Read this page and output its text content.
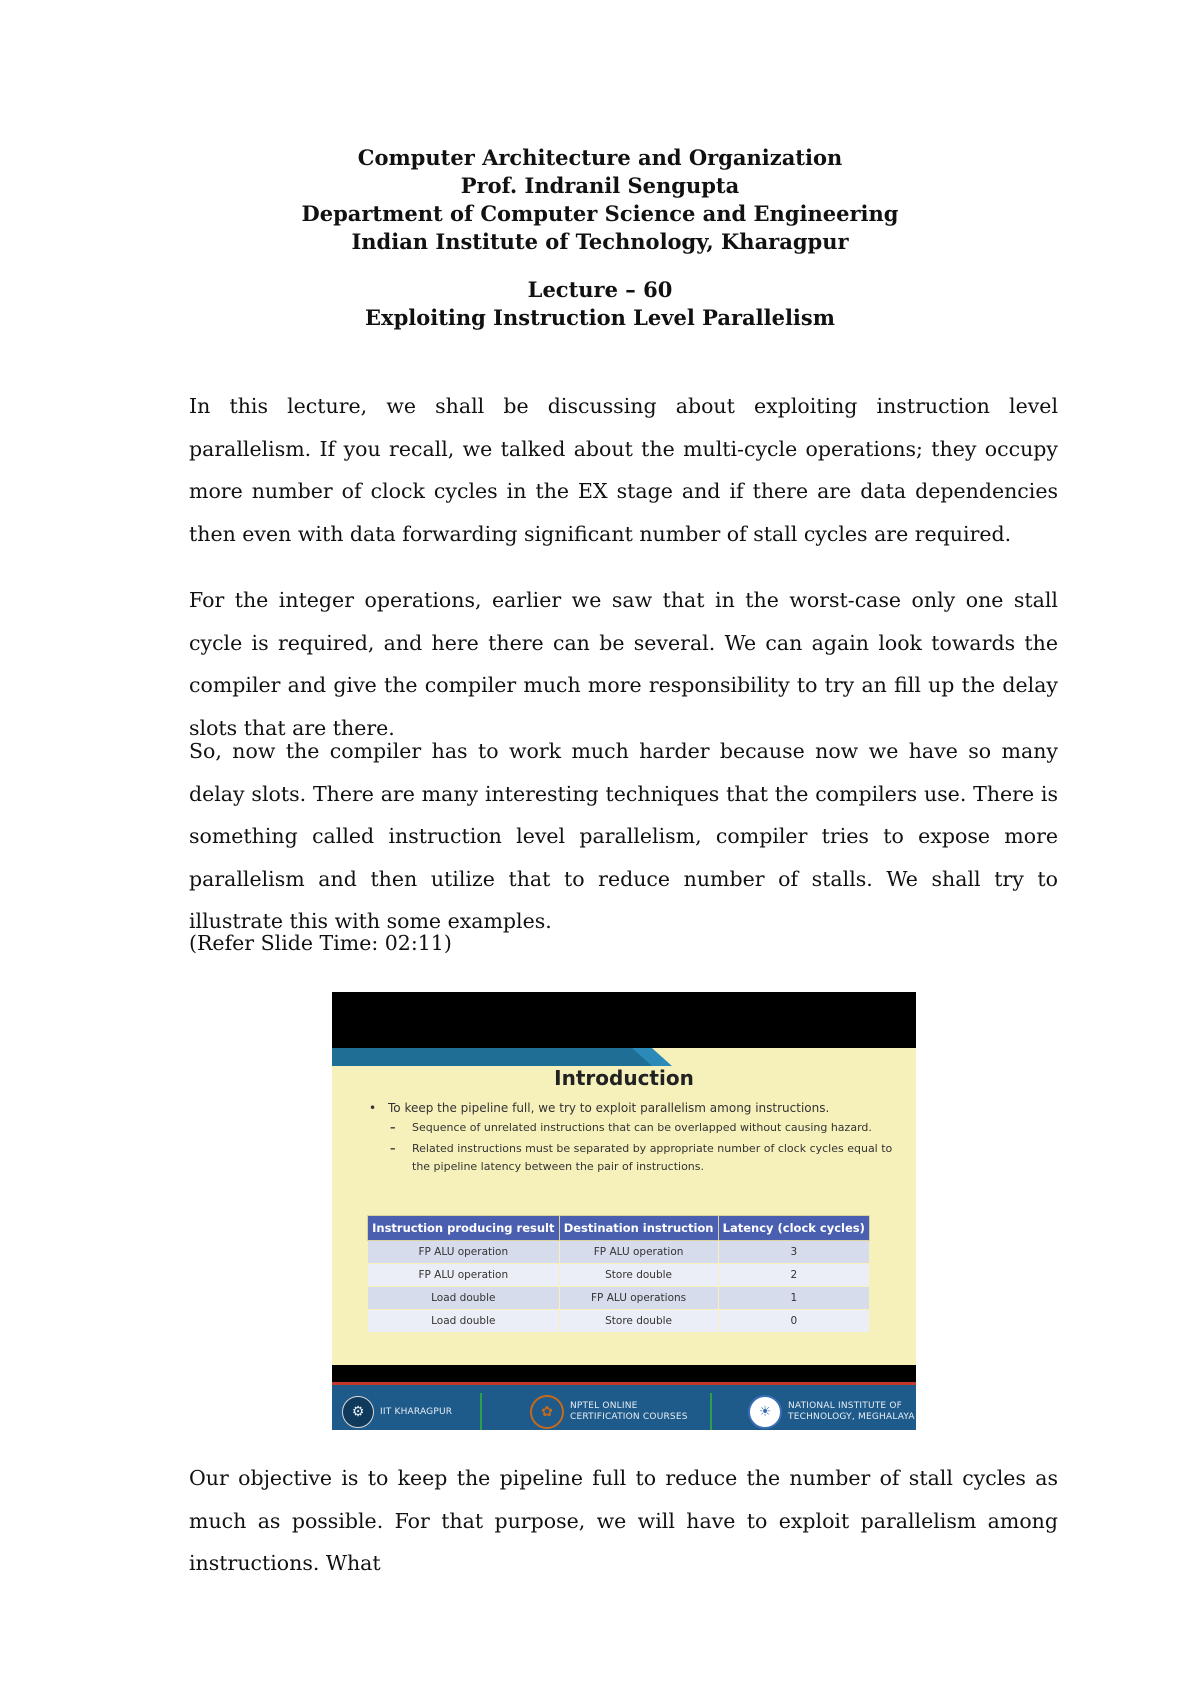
Computer Architecture and Organization
Prof. Indranil Sengupta
Department of Computer Science and Engineering
Indian Institute of Technology, Kharagpur
Lecture – 60
Exploiting Instruction Level Parallelism

In this lecture, we shall be discussing about exploiting instruction level parallelism. If you recall, we talked about the multi-cycle operations; they occupy more number of clock cycles in the EX stage and if there are data dependencies then even with data forwarding significant number of stall cycles are required.

For the integer operations, earlier we saw that in the worst-case only one stall cycle is required, and here there can be several. We can again look towards the compiler and give the compiler much more responsibility to try an fill up the delay slots that are there.

So, now the compiler has to work much harder because now we have so many delay slots. There are many interesting techniques that the compilers use. There is something called instruction level parallelism, compiler tries to expose more parallelism and then utilize that to reduce number of stalls. We shall try to illustrate this with some examples.

(Refer Slide Time: 02:11)

Introduction
• To keep the pipeline full, we try to exploit parallelism among instructions.
– Sequence of unrelated instructions that can be overlapped without causing hazard.
– Related instructions must be separated by appropriate number of clock cycles equal to the pipeline latency between the pair of instructions.
Instruction producing result	Destination instruction	Latency (clock cycles)
FP ALU operation	FP ALU operation	3
FP ALU operation	Store double	2
Load double	FP ALU operations	1
Load double	Store double	0
⚙	IIT KHARAGPUR	✿	NPTEL ONLINE
CERTIFICATION COURSES	☀	NATIONAL INSTITUTE OF
TECHNOLOGY, MEGHALAYA

Our objective is to keep the pipeline full to reduce the number of stall cycles as much as possible. For that purpose, we will have to exploit parallelism among instructions. What
